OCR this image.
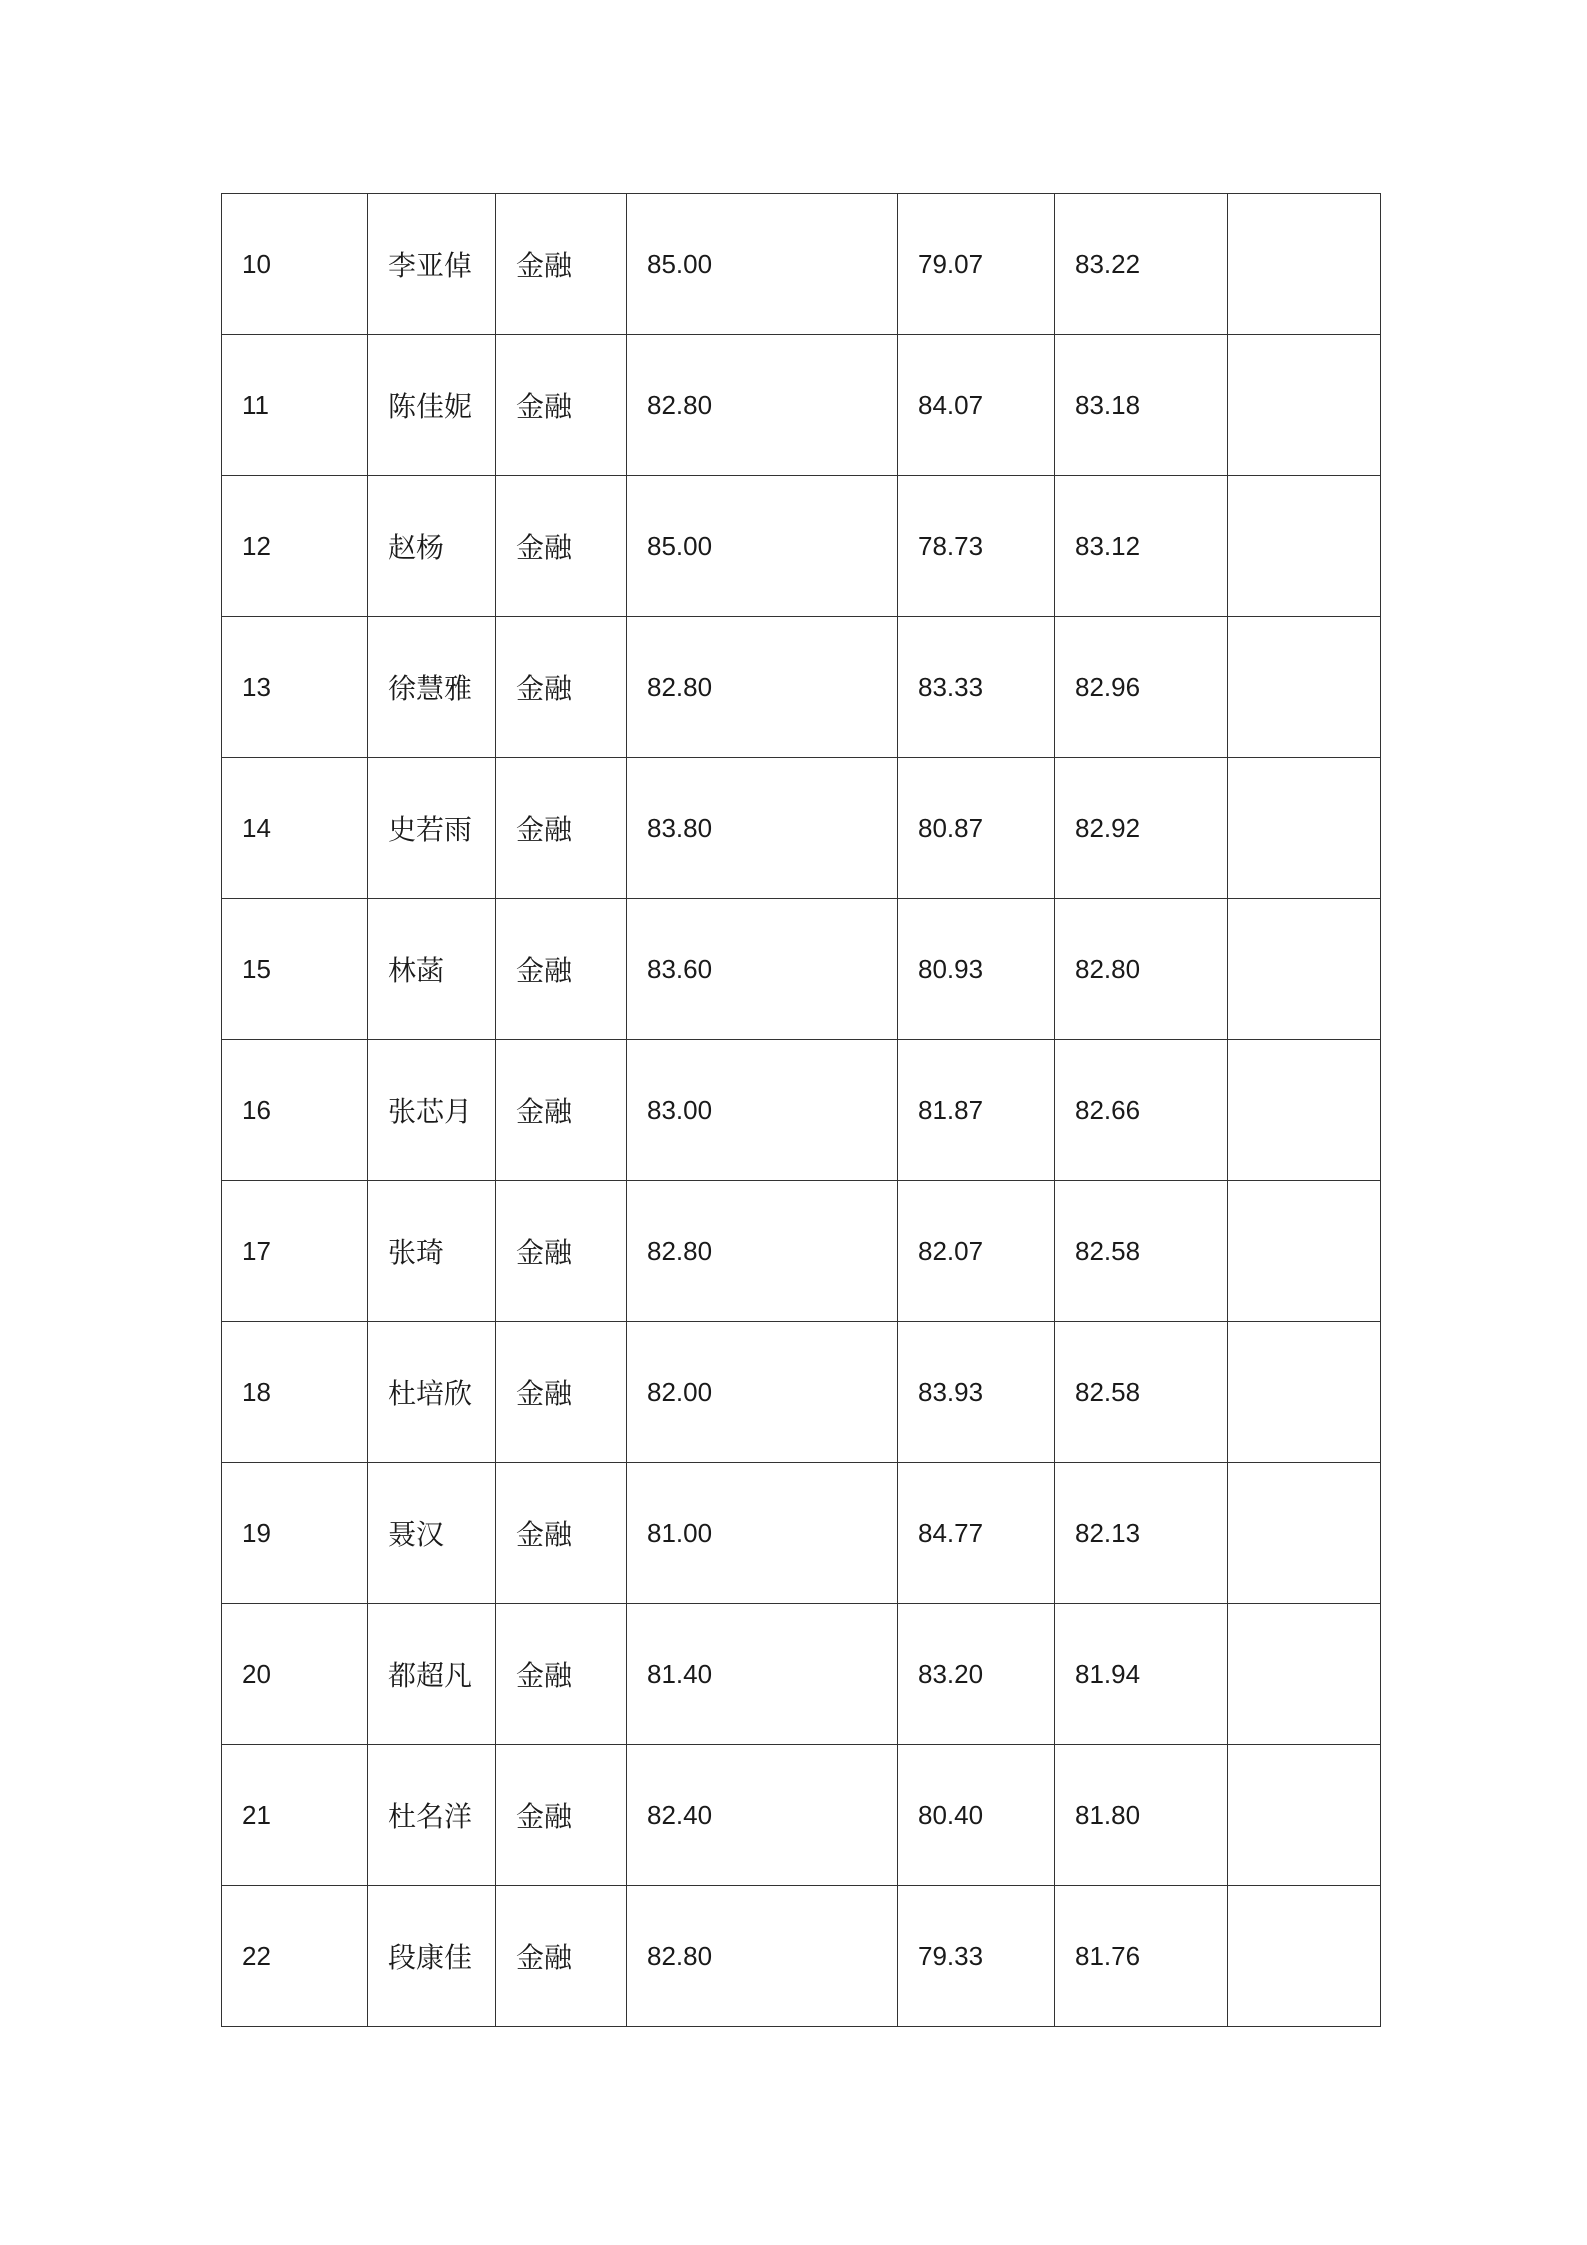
10	李亚倬	金融	85.00	79.07	83.22	
11	陈佳妮	金融	82.80	84.07	83.18	
12	赵杨	金融	85.00	78.73	83.12	
13	徐慧雅	金融	82.80	83.33	82.96	
14	史若雨	金融	83.80	80.87	82.92	
15	林菡	金融	83.60	80.93	82.80	
16	张芯月	金融	83.00	81.87	82.66	
17	张琦	金融	82.80	82.07	82.58	
18	杜培欣	金融	82.00	83.93	82.58	
19	聂汉	金融	81.00	84.77	82.13	
20	都超凡	金融	81.40	83.20	81.94	
21	杜名洋	金融	82.40	80.40	81.80	
22	段康佳	金融	82.80	79.33	81.76	
